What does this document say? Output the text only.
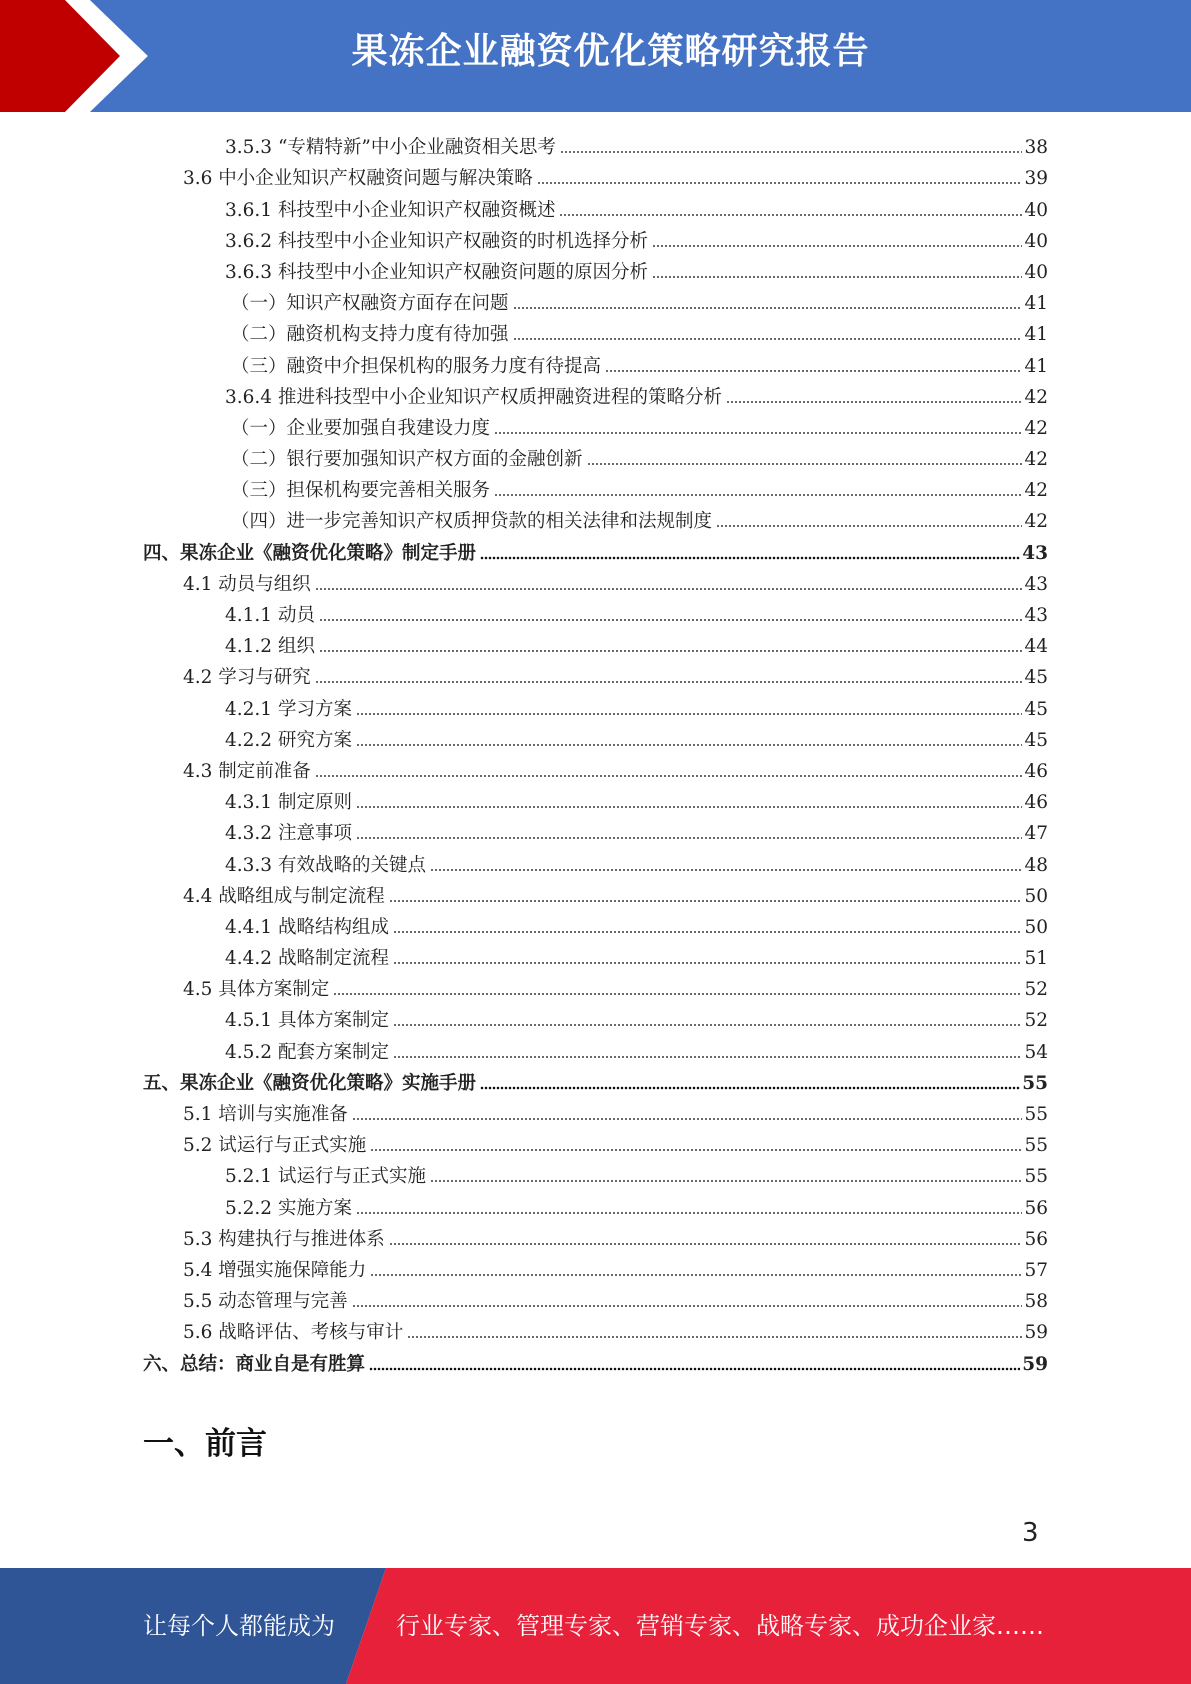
果冻企业融资优化策略研究报告
3.5.3 “专精特新”中小企业融资相关思考	38
3.6 中小企业知识产权融资问题与解决策略	39
3.6.1 科技型中小企业知识产权融资概述	40
3.6.2 科技型中小企业知识产权融资的时机选择分析	40
3.6.3 科技型中小企业知识产权融资问题的原因分析	40
（一）知识产权融资方面存在问题	41
（二）融资机构支持力度有待加强	41
（三）融资中介担保机构的服务力度有待提高	41
3.6.4 推进科技型中小企业知识产权质押融资进程的策略分析	42
（一）企业要加强自我建设力度	42
（二）银行要加强知识产权方面的金融创新	42
（三）担保机构要完善相关服务	42
（四）进一步完善知识产权质押贷款的相关法律和法规制度	42
四、果冻企业《融资优化策略》制定手册	43
4.1 动员与组织	43
4.1.1 动员	43
4.1.2 组织	44
4.2 学习与研究	45
4.2.1 学习方案	45
4.2.2 研究方案	45
4.3 制定前准备	46
4.3.1 制定原则	46
4.3.2 注意事项	47
4.3.3 有效战略的关键点	48
4.4 战略组成与制定流程	50
4.4.1 战略结构组成	50
4.4.2 战略制定流程	51
4.5 具体方案制定	52
4.5.1 具体方案制定	52
4.5.2 配套方案制定	54
五、果冻企业《融资优化策略》实施手册	55
5.1 培训与实施准备	55
5.2 试运行与正式实施	55
5.2.1 试运行与正式实施	55
5.2.2 实施方案	56
5.3 构建执行与推进体系	56
5.4 增强实施保障能力	57
5.5 动态管理与完善	58
5.6 战略评估、考核与审计	59
六、总结：商业自是有胜算	59
一、前言
3
让每个人都能成为	行业专家、管理专家、营销专家、战略专家、成功企业家……
